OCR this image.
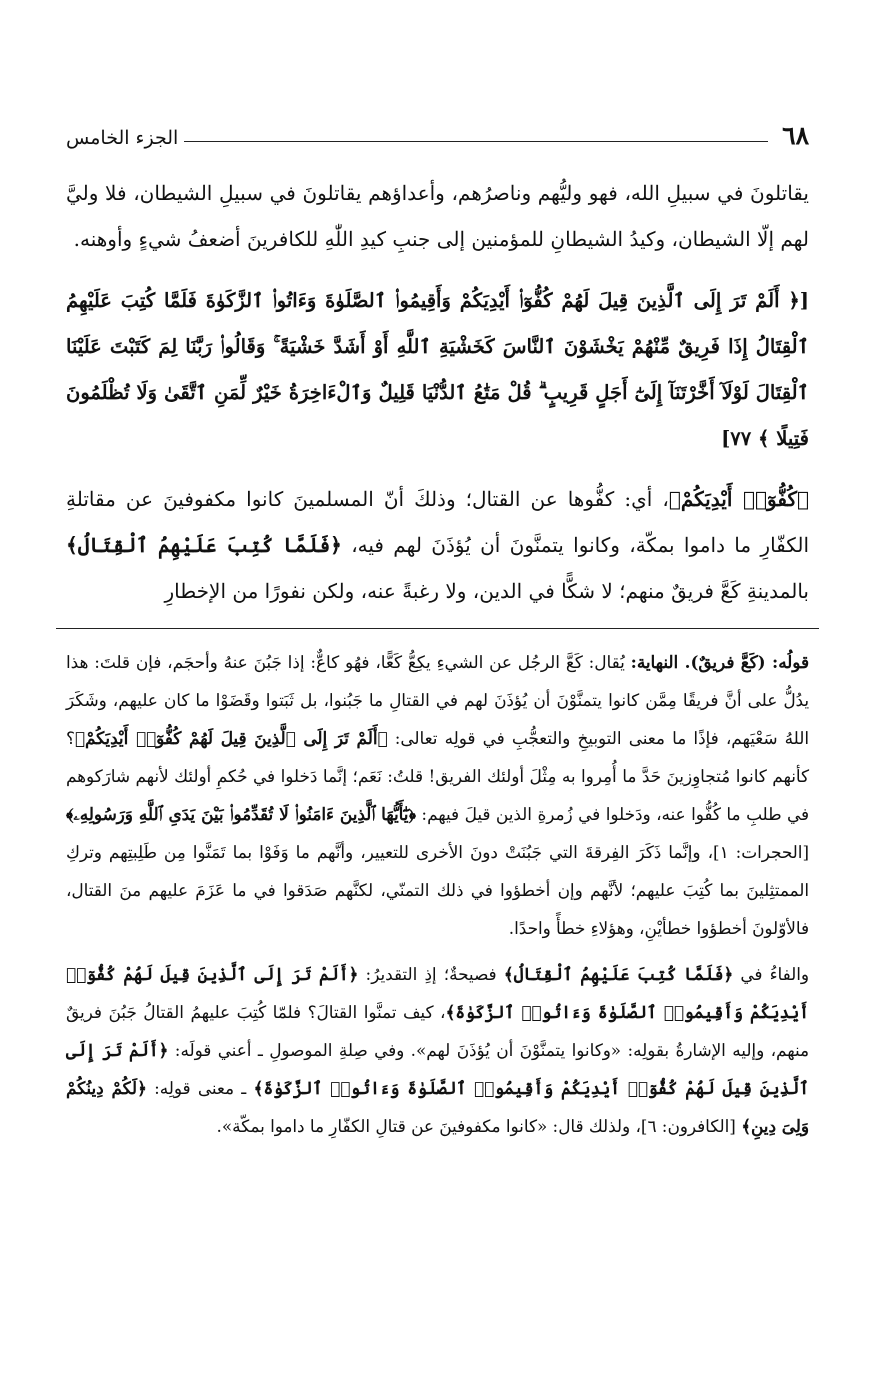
٦٨
الجزء الخامس

يقاتلونَ في سبيلِ الله، فهو وليُّهم وناصرُهم، وأعداؤهم يقاتلونَ في سبيلِ الشيطان، فلا وليَّ لهم إلّا الشيطان، وكيدُ الشيطانِ للمؤمنين إلى جنبِ كيدِ اللّٰهِ للكافرينَ أضعفُ شيءٍ وأوهنه.

[﴿ أَلَمْ تَرَ إِلَى ٱلَّذِينَ قِيلَ لَهُمْ كُفُّوٓا۟ أَيْدِيَكُمْ وَأَقِيمُوا۟ ٱلصَّلَوٰةَ وَءَاتُوا۟ ٱلزَّكَوٰةَ فَلَمَّا كُتِبَ عَلَيْهِمُ ٱلْقِتَالُ إِذَا فَرِيقٌ مِّنْهُمْ يَخْشَوْنَ ٱلنَّاسَ كَخَشْيَةِ ٱللَّهِ أَوْ أَشَدَّ خَشْيَةً ۚ وَقَالُوا۟ رَبَّنَا لِمَ كَتَبْتَ عَلَيْنَا ٱلْقِتَالَ لَوْلَآ أَخَّرْتَنَآ إِلَىٰٓ أَجَلٍ قَرِيبٍ ۗ قُلْ مَتَٰعُ ٱلدُّنْيَا قَلِيلٌ وَٱلْءَاخِرَةُ خَيْرٌ لِّمَنِ ٱتَّقَىٰ وَلَا تُظْلَمُونَ فَتِيلًا ﴾ ٧٧]

﴿كُفُّوٓا۟ أَيْدِيَكُمْ﴾، أي: كفُّوها عن القتال؛ وذلكَ أنّ المسلمينَ كانوا مكفوفينَ عن مقاتلةِ الكفّارِ ما داموا بمكّة، وكانوا يتمنَّونَ أن يُؤذَنَ لهم فيه، ﴿فَلَمَّا كُتِبَ عَلَيْهِمُ ٱلْقِتَالُ﴾ بالمدينةِ كَعَّ فريقٌ منهم؛ لا شكًّا في الدين، ولا رغبةً عنه، ولكن نفورًا من الإخطارِ

قولُه: (كَعَّ فريقٌ). النهاية: يُقال: كَعَّ الرجُل عن الشيءِ يكِعُّ كَعًّا، فهُو كاعٌّ: إذا جَبُنَ عنهُ وأحجَم، فإن قلتَ: هذا يدُلُّ على أنَّ فريقًا مِمَّن كانوا يتمنَّوْنَ أن يُؤذَنَ لهم في القتالِ ما جَبُنوا، بل ثَبَتوا وقَضَوْا ما كان عليهم، وشَكَرَ اللهُ سَعْيَهم، فإذًا ما معنى التوبيخِ والتعجُّبِ في قولِه تعالى: ﴿أَلَمْ تَرَ إِلَى ٱلَّذِينَ قِيلَ لَهُمْ كُفُّوٓا۟ أَيْدِيَكُمْ﴾؟ كأنهم كانوا مُتجاوِزينَ حَدَّ ما أُمِروا به مِثْلَ أولئك الفريق! قلتُ: نَعَم؛ إنَّما دَخلوا في حُكمِ أولئك لأنهم شارَكوهم في طلبِ ما كُفُّوا عنه، ودَخلوا في زُمرةِ الذين قيلَ فيهم: ﴿يَٰٓأَيُّهَا ٱلَّذِينَ ءَامَنُوا۟ لَا تُقَدِّمُوا۟ بَيْنَ يَدَىِ ٱللَّهِ وَرَسُولِهِۦ﴾ [الحجرات: ١]، وإنَّما ذَكَرَ الفِرقةَ التي جَبُنَتْ دونَ الأخرى للتعيير، وأنَّهم ما وَفَوْا بما تَمَنَّوا مِن طَلِبتِهم وتركِ الممتثِلينَ بما كُتِبَ عليهم؛ لأنَّهم وإن أخطؤوا في ذلك التمنّي، لكنَّهم صَدَقوا في ما عَزَمَ عليهم منَ القتال، فالأوّلونَ أخطؤوا خطأيْنِ، وهؤلاءِ خطأً واحدًا.

والفاءُ في ﴿فَلَمَّا كُتِبَ عَلَيْهِمُ ٱلْقِتَالُ﴾ فصيحةٌ؛ إذِ التقديرُ: ﴿أَلَمْ تَرَ إِلَى ٱلَّذِينَ قِيلَ لَهُمْ كُفُّوٓا۟ أَيْدِيَكُمْ وَأَقِيمُوا۟ ٱلصَّلَوٰةَ وَءَاتُوا۟ ٱلزَّكَوٰةَ﴾، كيف تمنَّوا القتالَ؟ فلمّا كُتِبَ عليهمُ القتالُ جَبُنَ فريقٌ منهم، وإليه الإشارةُ بقولِه: «وكانوا يتمنَّوْنَ أن يُؤذَنَ لهم». وفي صِلةِ الموصولِ ـ أعني قولَه: ﴿أَلَمْ تَرَ إِلَى ٱلَّذِينَ قِيلَ لَهُمْ كُفُّوٓا۟ أَيْدِيَكُمْ وَأَقِيمُوا۟ ٱلصَّلَوٰةَ وَءَاتُوا۟ ٱلزَّكَوٰةَ﴾ ـ معنى قولِه: ﴿لَكُمْ دِينُكُمْ وَلِىَ دِينِ﴾ [الكافرون: ٦]، ولذلك قال: «كانوا مكفوفينَ عن قتالِ الكفّارِ ما داموا بمكّة».
